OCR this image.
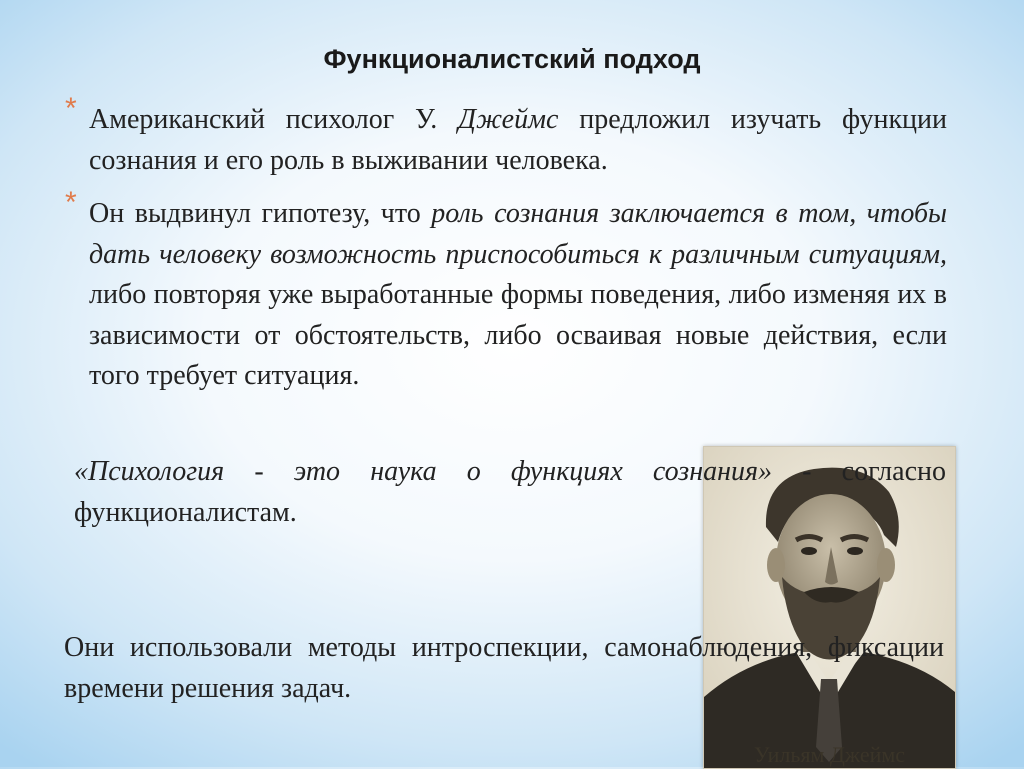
Функционалистский подход
* Американский психолог У. Джеймс предложил изучать функции сознания и его роль в выживании человека.
* Он выдвинул гипотезу, что роль сознания заключается в том, чтобы дать человеку возможность приспособиться к различным ситуациям, либо повторяя уже выработанные формы поведения, либо изменяя их в зависимости от обстоятельств, либо осваивая новые действия, если того требует ситуация.
Уильям Джеймс
«Психология - это наука о функциях сознания» - согласно функционалистам.
Они использовали методы интроспекции, самонаблюдения, фиксации времени решения задач.
